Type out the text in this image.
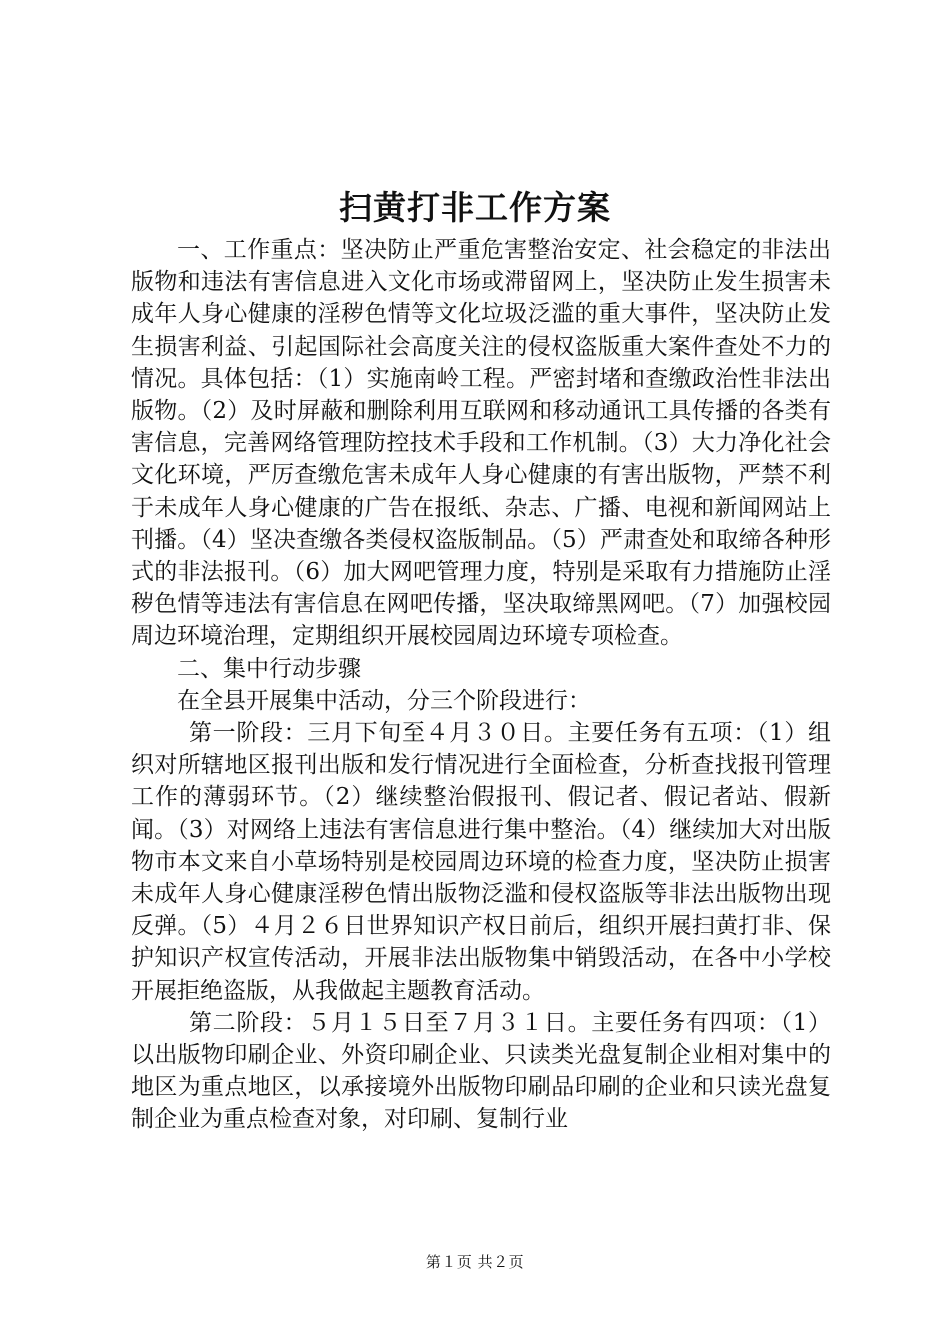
扫黄打非工作方案

一、工作重点：坚决防止严重危害整治安定、社会稳定的非法出版物和违法有害信息进入文化市场或滞留网上，坚决防止发生损害未成年人身心健康的淫秽色情等文化垃圾泛滥的重大事件，坚决防止发生损害利益、引起国际社会高度关注的侵权盗版重大案件查处不力的情况。具体包括：（1）实施南岭工程。严密封堵和查缴政治性非法出版物。（2）及时屏蔽和删除利用互联网和移动通讯工具传播的各类有害信息，完善网络管理防控技术手段和工作机制。（3）大力净化社会文化环境，严厉查缴危害未成年人身心健康的有害出版物，严禁不利于未成年人身心健康的广告在报纸、杂志、广播、电视和新闻网站上刊播。（4）坚决查缴各类侵权盗版制品。（5）严肃查处和取缔各种形式的非法报刊。（6）加大网吧管理力度，特别是采取有力措施防止淫秽色情等违法有害信息在网吧传播，坚决取缔黑网吧。（7）加强校园周边环境治理，定期组织开展校园周边环境专项检查。

二、集中行动步骤

在全县开展集中活动，分三个阶段进行：

第一阶段：三月下旬至４月３０日。主要任务有五项：（1）组织对所辖地区报刊出版和发行情况进行全面检查，分析查找报刊管理工作的薄弱环节。（2）继续整治假报刊、假记者、假记者站、假新闻。（3）对网络上违法有害信息进行集中整治。（4）继续加大对出版物市本文来自小草场特别是校园周边环境的检查力度，坚决防止损害未成年人身心健康淫秽色情出版物泛滥和侵权盗版等非法出版物出现反弹。（5）４月２６日世界知识产权日前后，组织开展扫黄打非、保护知识产权宣传活动，开展非法出版物集中销毁活动，在各中小学校开展拒绝盗版，从我做起主题教育活动。

第二阶段：５月１５日至７月３１日。主要任务有四项：（1）以出版物印刷企业、外资印刷企业、只读类光盘复制企业相对集中的地区为重点地区，以承接境外出版物印刷品印刷的企业和只读光盘复制企业为重点检查对象，对印刷、复制行业

第１页 共２页
